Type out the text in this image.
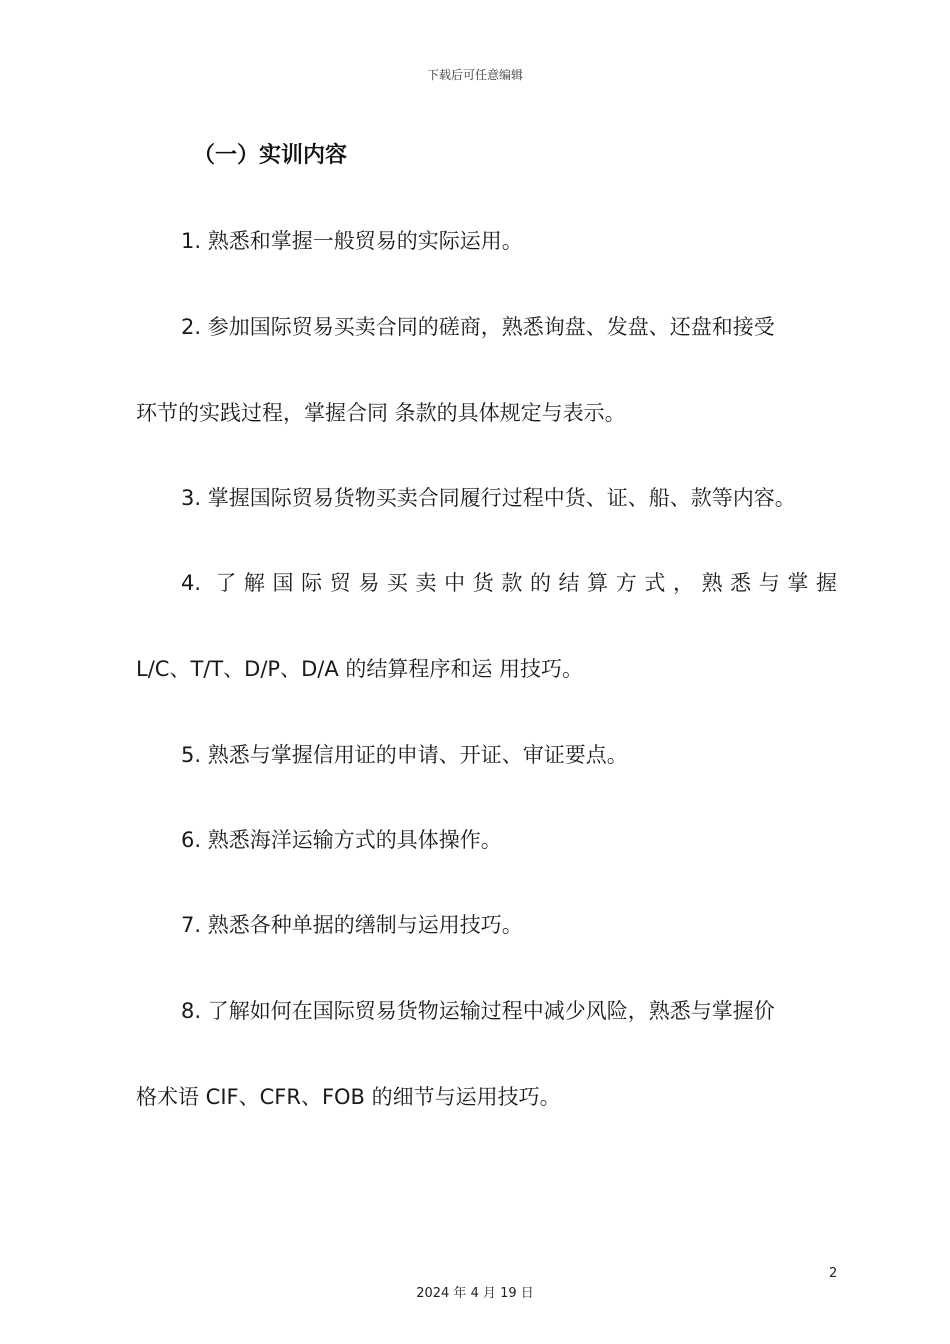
下载后可任意编辑
（一）实训内容
1. 熟悉和掌握一般贸易的实际运用。
2. 参加国际贸易买卖合同的磋商，熟悉询盘、发盘、还盘和接受
环节的实践过程，掌握合同 条款的具体规定与表示。
3. 掌握国际贸易货物买卖合同履行过程中货、证、船、款等内容。
4. 了解国际贸易买卖中货款的结算方式，熟悉与掌握
L/C、T/T、D/P、D/A 的结算程序和运 用技巧。
5. 熟悉与掌握信用证的申请、开证、审证要点。
6. 熟悉海洋运输方式的具体操作。
7. 熟悉各种单据的缮制与运用技巧。
8. 了解如何在国际贸易货物运输过程中减少风险，熟悉与掌握价
格术语 CIF、CFR、FOB 的细节与运用技巧。
2
2024 年 4 月 19 日
